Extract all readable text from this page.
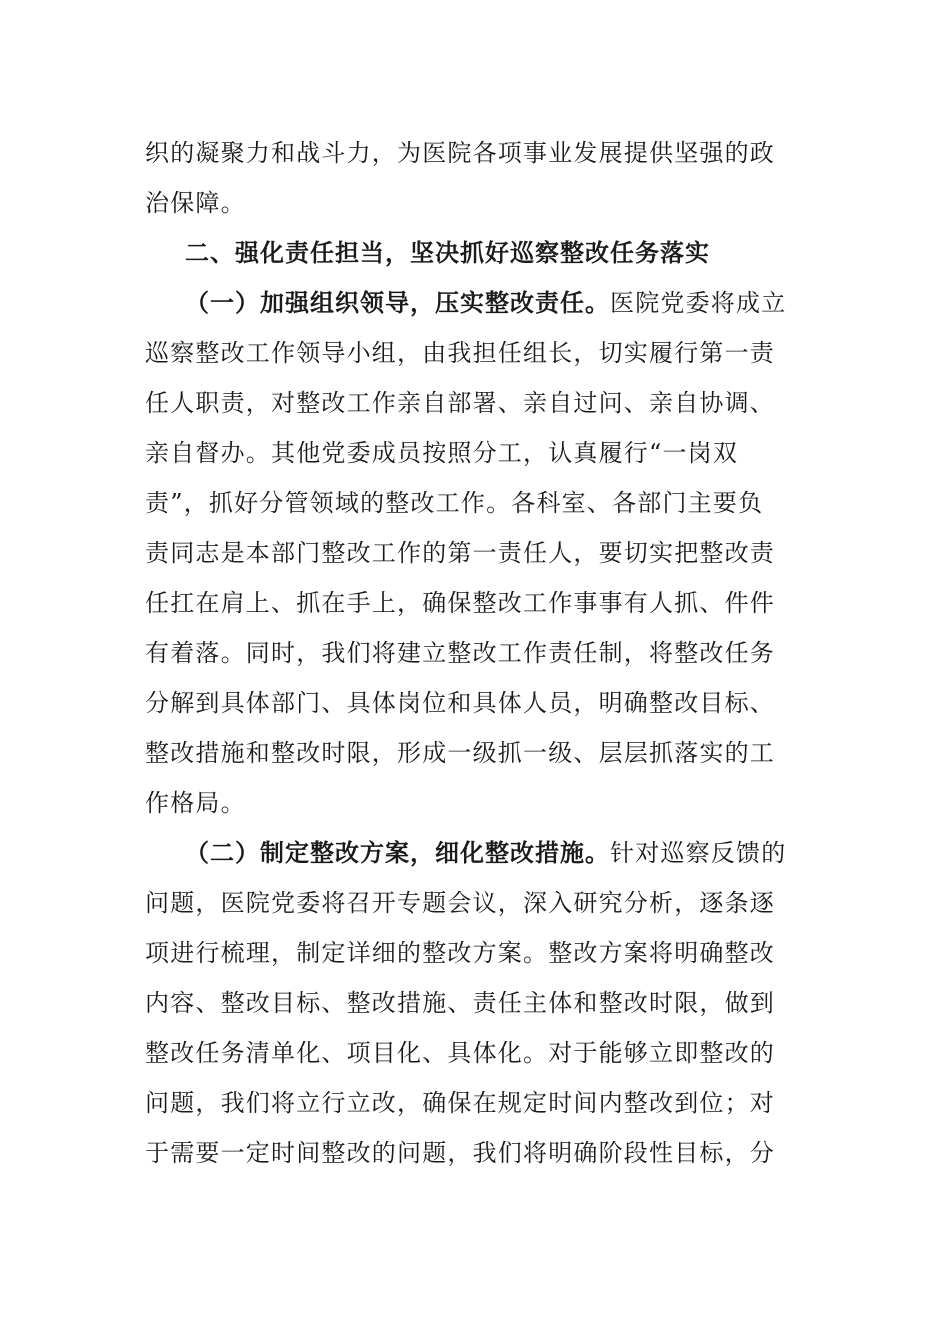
织的凝聚力和战斗力，为医院各项事业发展提供坚强的政
治保障。
二、强化责任担当，坚决抓好巡察整改任务落实
（一）加强组织领导，压实整改责任。医院党委将成立
巡察整改工作领导小组，由我担任组长，切实履行第一责
任人职责，对整改工作亲自部署、亲自过问、亲自协调、
亲自督办。其他党委成员按照分工，认真履行“一岗双
责”，抓好分管领域的整改工作。各科室、各部门主要负
责同志是本部门整改工作的第一责任人，要切实把整改责
任扛在肩上、抓在手上，确保整改工作事事有人抓、件件
有着落。同时，我们将建立整改工作责任制，将整改任务
分解到具体部门、具体岗位和具体人员，明确整改目标、
整改措施和整改时限，形成一级抓一级、层层抓落实的工
作格局。
（二）制定整改方案，细化整改措施。针对巡察反馈的
问题，医院党委将召开专题会议，深入研究分析，逐条逐
项进行梳理，制定详细的整改方案。整改方案将明确整改
内容、整改目标、整改措施、责任主体和整改时限，做到
整改任务清单化、项目化、具体化。对于能够立即整改的
问题，我们将立行立改，确保在规定时间内整改到位；对
于需要一定时间整改的问题，我们将明确阶段性目标，分
